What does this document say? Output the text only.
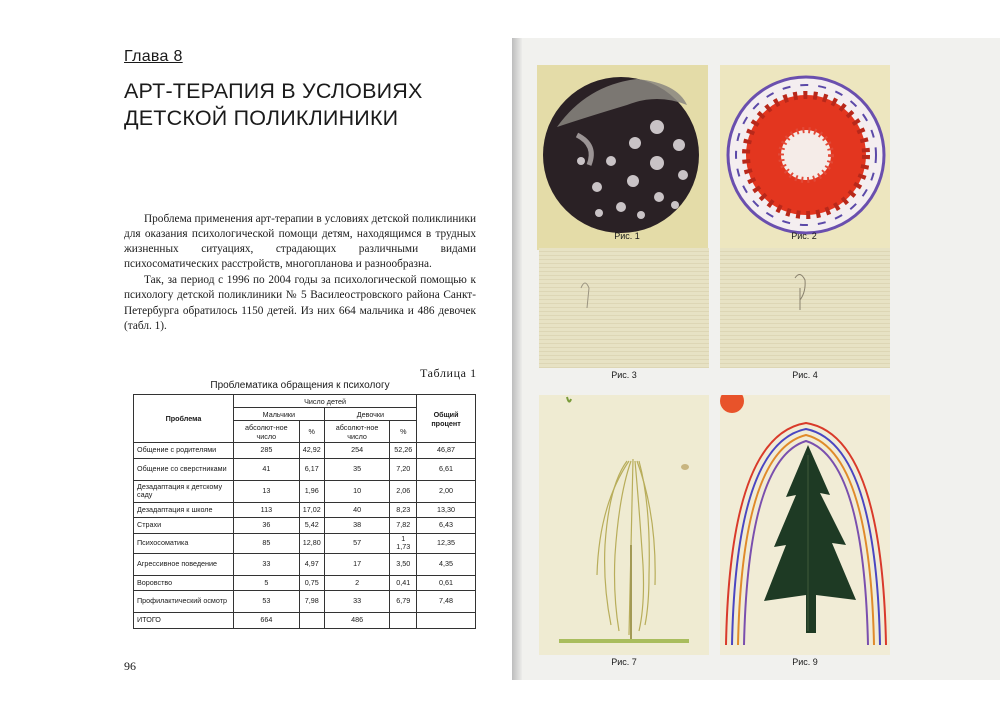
Глава 8
АРТ-ТЕРАПИЯ В УСЛОВИЯХ
ДЕТСКОЙ ПОЛИКЛИНИКИ

Проблема применения арт-терапии в условиях детской поликлиники для оказания психологической помощи детям, находящимся в трудных жизненных ситуациях, страдающих различными видами психосоматических расстройств, многопланова и разнообразна.

Так, за период с 1996 по 2004 годы за психологической помощью к психологу детской поликлиники № 5 Василеостровского района Санкт-Петербурга обратилось 1150 детей. Из них 664 мальчика и 486 девочек (табл. 1).

Таблица 1
Проблематика обращения к психологу
Проблема	Число детей				Общий процент
	Мальчики		Девочки		
	абсолют-ное число	%	абсолют-ное число	%	
Общение с родителями	285	42,92	254	52,26	46,87
Общение со сверстниками	41	6,17	35	7,20	6,61
Дезадаптация к детскому саду	13	1,96	10	2,06	2,00
Дезадаптация к школе	113	17,02	40	8,23	13,30
Страхи	36	5,42	38	7,82	6,43
Психосоматика	85	12,80	57	1 1,73	12,35
Агрессивное поведение	33	4,97	17	3,50	4,35
Воровство	5	0,75	2	0,41	0,61
Профилактический осмотр	53	7,98	33	6,79	7,48
ИТОГО	664		486		
96
Рис. 1	Рис. 2
Рис. 3	Рис. 4
Рис. 7	Рис. 9
